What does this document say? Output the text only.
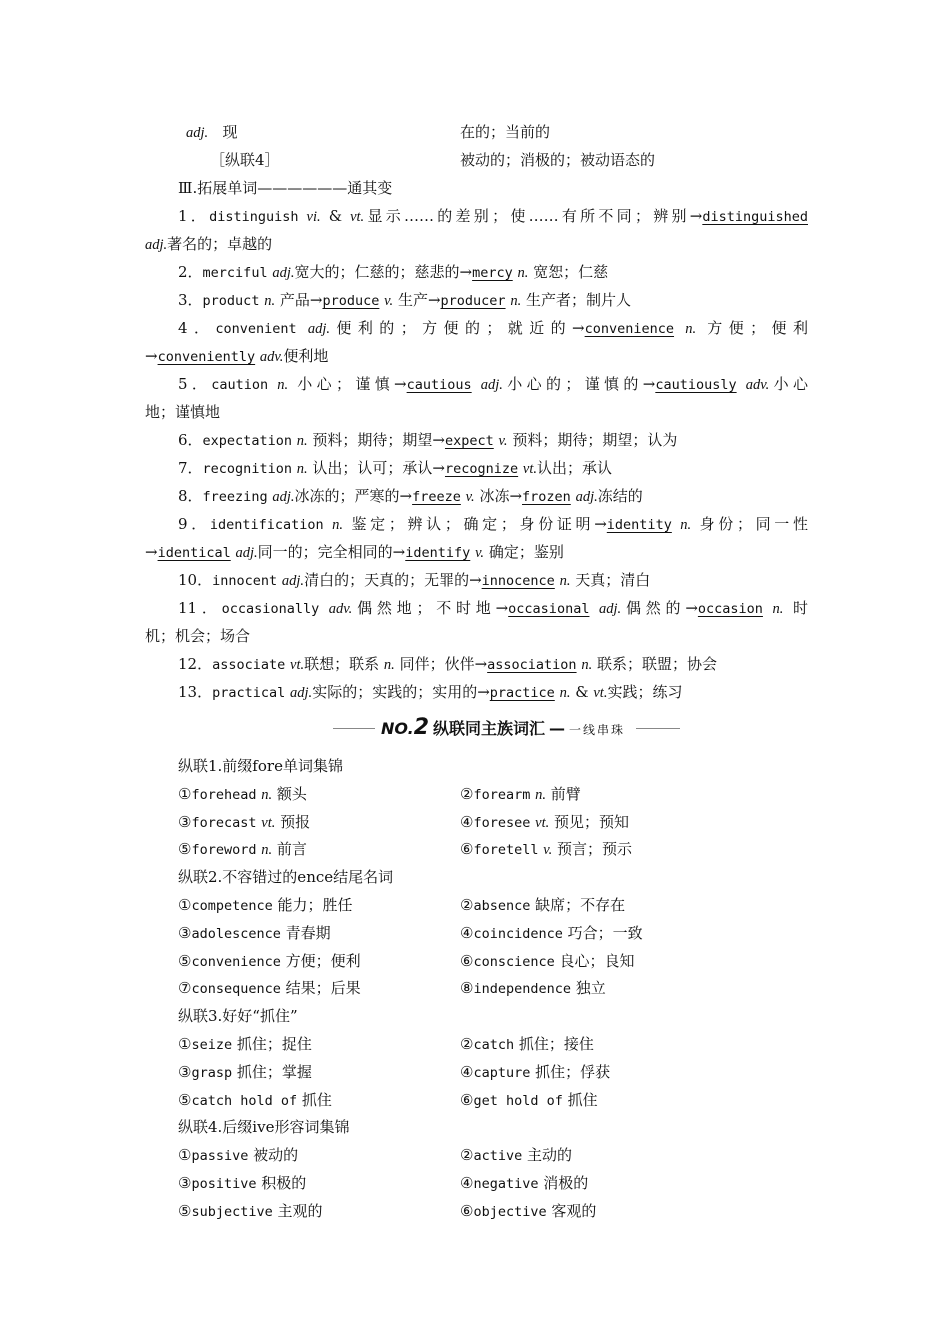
adj. 现	在的；当前的
［纵联4］	被动的；消极的；被动语态的
Ⅲ.拓展单词——————通其变
1．distinguish vi. & vt.显示……的差别；使……有所不同；辨别→distinguished
adj.著名的；卓越的
2．merciful adj.宽大的；仁慈的；慈悲的→mercy n. 宽恕；仁慈
3．product n. 产品→produce v. 生产→producer n. 生产者；制片人
4．convenient adj.便利的；方便的；就近的→convenience n. 方便；便利
→conveniently adv.便利地
5．caution n. 小心；谨慎→cautious adj.小心的；谨慎的→cautiously adv.小心
地；谨慎地
6．expectation n. 预料；期待；期望→expect v. 预料；期待；期望；认为
7．recognition n. 认出；认可；承认→recognize vt.认出；承认
8．freezing adj.冰冻的；严寒的→freeze v. 冰冻→frozen adj.冻结的
9．identification n. 鉴定；辨认；确定；身份证明→identity n. 身份；同一性
→identical adj.同一的；完全相同的→identify v. 确定；鉴别
10．innocent adj.清白的；天真的；无罪的→innocence n. 天真；清白
11．occasionally adv.偶然地；不时地→occasional adj.偶然的→occasion n. 时
机；机会；场合
12．associate vt.联想；联系 n. 同伴；伙伴→association n. 联系；联盟；协会
13．practical adj.实际的；实践的；实用的→practice n. & vt.实践；练习
NO.2 纵联同主族词汇 — 一线串珠
纵联1.前缀fore单词集锦
①forehead n. 额头	②forearm n. 前臂
③forecast vt. 预报	④foresee vt. 预见；预知
⑤foreword n. 前言	⑥foretell v. 预言；预示
纵联2.不容错过的ence结尾名词
①competence 能力；胜任	②absence 缺席；不存在
③adolescence 青春期	④coincidence 巧合；一致
⑤convenience 方便；便利	⑥conscience 良心；良知
⑦consequence 结果；后果	⑧independence 独立
纵联3.好好“抓住”
①seize 抓住；捉住	②catch 抓住；接住
③grasp 抓住；掌握	④capture 抓住；俘获
⑤catch hold of 抓住	⑥get hold of 抓住
纵联4.后缀ive形容词集锦
①passive 被动的	②active 主动的
③positive 积极的	④negative 消极的
⑤subjective 主观的	⑥objective 客观的
